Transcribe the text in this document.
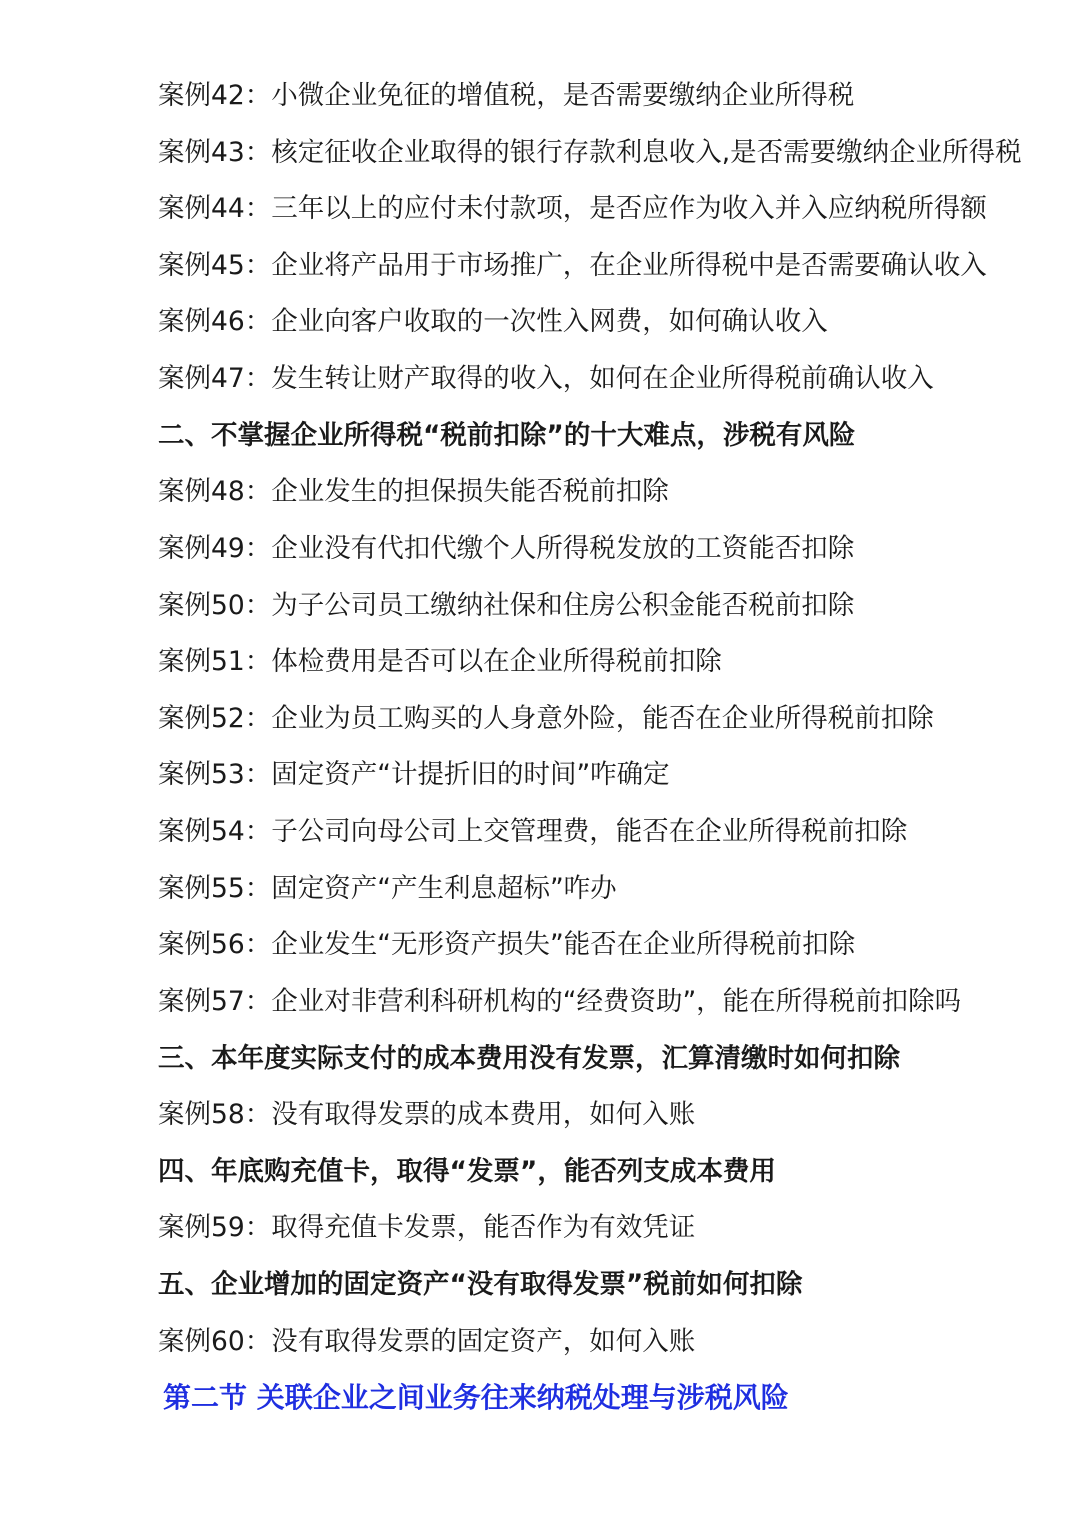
案例42：小微企业免征的增值税，是否需要缴纳企业所得税
案例43：核定征收企业取得的银行存款利息收入,是否需要缴纳企业所得税
案例44：三年以上的应付未付款项，是否应作为收入并入应纳税所得额
案例45：企业将产品用于市场推广，在企业所得税中是否需要确认收入
案例46：企业向客户收取的一次性入网费，如何确认收入
案例47：发生转让财产取得的收入，如何在企业所得税前确认收入
二、不掌握企业所得税“税前扣除”的十大难点，涉税有风险
案例48：企业发生的担保损失能否税前扣除
案例49：企业没有代扣代缴个人所得税发放的工资能否扣除
案例50：为子公司员工缴纳社保和住房公积金能否税前扣除
案例51：体检费用是否可以在企业所得税前扣除
案例52：企业为员工购买的人身意外险，能否在企业所得税前扣除
案例53：固定资产“计提折旧的时间”咋确定
案例54：子公司向母公司上交管理费，能否在企业所得税前扣除
案例55：固定资产“产生利息超标”咋办
案例56：企业发生“无形资产损失”能否在企业所得税前扣除
案例57：企业对非营利科研机构的“经费资助”，能在所得税前扣除吗
三、本年度实际支付的成本费用没有发票，汇算清缴时如何扣除
案例58：没有取得发票的成本费用，如何入账
四、年底购充值卡，取得“发票”，能否列支成本费用
案例59：取得充值卡发票，能否作为有效凭证
五、企业增加的固定资产“没有取得发票”税前如何扣除
案例60：没有取得发票的固定资产，如何入账
第二节 关联企业之间业务往来纳税处理与涉税风险
